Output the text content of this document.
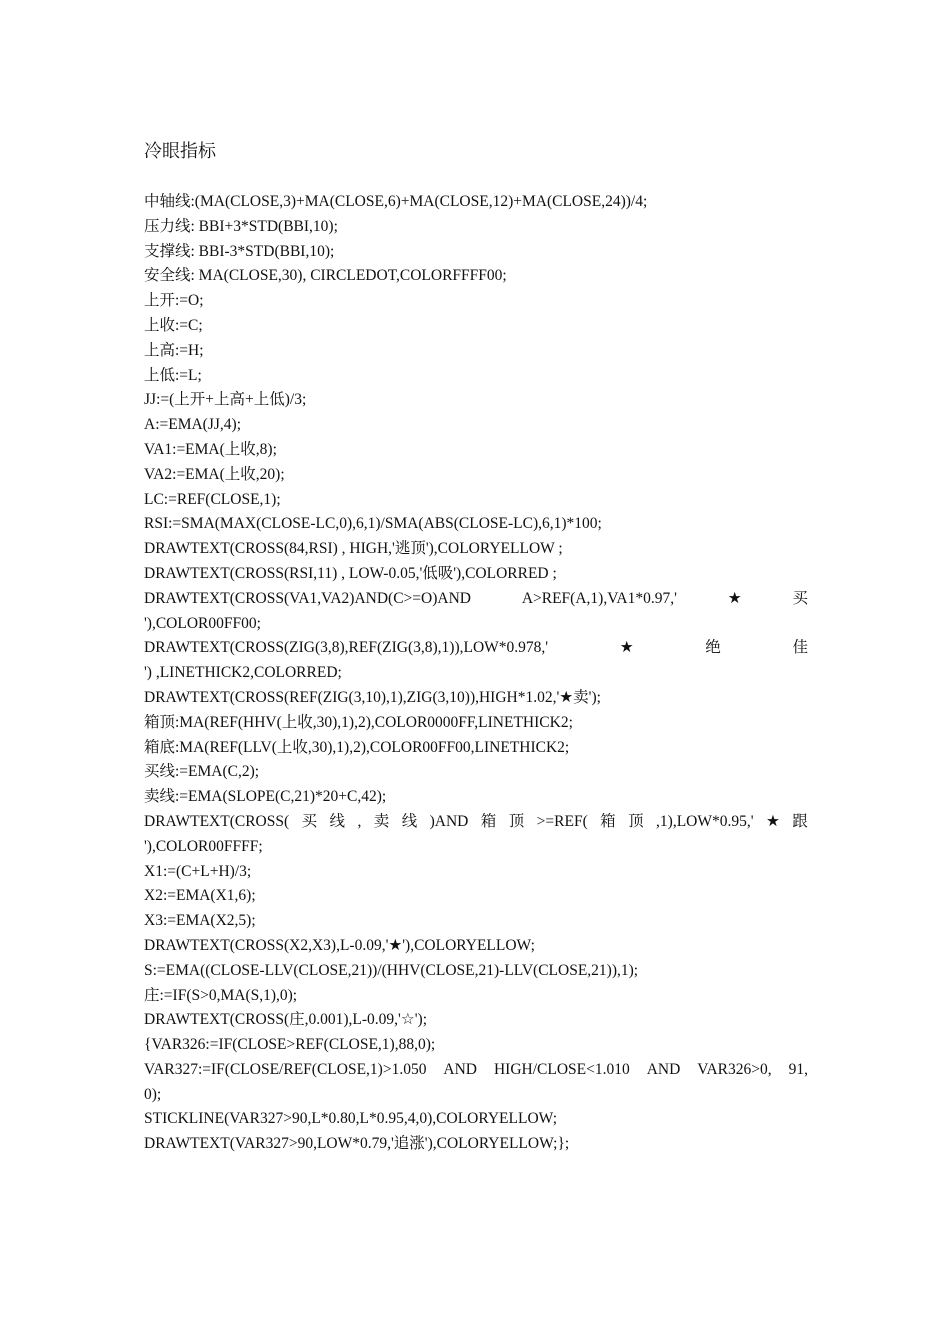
冷眼指标
中轴线:(MA(CLOSE,3)+MA(CLOSE,6)+MA(CLOSE,12)+MA(CLOSE,24))/4;
压力线: BBI+3*STD(BBI,10);
支撑线: BBI-3*STD(BBI,10);
安全线: MA(CLOSE,30), CIRCLEDOT,COLORFFFF00;
上开:=O;
上收:=C;
上高:=H;
上低:=L;
JJ:=(上开+上高+上低)/3;
A:=EMA(JJ,4);
VA1:=EMA(上收,8);
VA2:=EMA(上收,20);
LC:=REF(CLOSE,1);
RSI:=SMA(MAX(CLOSE-LC,0),6,1)/SMA(ABS(CLOSE-LC),6,1)*100;
DRAWTEXT(CROSS(84,RSI) , HIGH,'逃顶'),COLORYELLOW ;
DRAWTEXT(CROSS(RSI,11) , LOW-0.05,'低吸'),COLORRED ;
DRAWTEXT(CROSS(VA1,VA2)AND(C>=O)AND	A>REF(A,1),VA1*0.97,'	★	买
'),COLOR00FF00;
DRAWTEXT(CROSS(ZIG(3,8),REF(ZIG(3,8),1)),LOW*0.978,'	★	绝	佳
') ,LINETHICK2,COLORRED;
DRAWTEXT(CROSS(REF(ZIG(3,10),1),ZIG(3,10)),HIGH*1.02,'★卖');
箱顶:MA(REF(HHV(上收,30),1),2),COLOR0000FF,LINETHICK2;
箱底:MA(REF(LLV(上收,30),1),2),COLOR00FF00,LINETHICK2;
买线:=EMA(C,2);
卖线:=EMA(SLOPE(C,21)*20+C,42);
DRAWTEXT(CROSS( 买 线 , 卖 线 )AND 箱 顶 >=REF( 箱 顶 ,1),LOW*0.95,' ★ 跟
'),COLOR00FFFF;
X1:=(C+L+H)/3;
X2:=EMA(X1,6);
X3:=EMA(X2,5);
DRAWTEXT(CROSS(X2,X3),L-0.09,'★'),COLORYELLOW;
S:=EMA((CLOSE-LLV(CLOSE,21))/(HHV(CLOSE,21)-LLV(CLOSE,21)),1);
庄:=IF(S>0,MA(S,1),0);
DRAWTEXT(CROSS(庄,0.001),L-0.09,'☆');
{VAR326:=IF(CLOSE>REF(CLOSE,1),88,0);
VAR327:=IF(CLOSE/REF(CLOSE,1)>1.050 AND HIGH/CLOSE<1.010 AND VAR326>0, 91,
0);
STICKLINE(VAR327>90,L*0.80,L*0.95,4,0),COLORYELLOW;
DRAWTEXT(VAR327>90,LOW*0.79,'追涨'),COLORYELLOW;};
